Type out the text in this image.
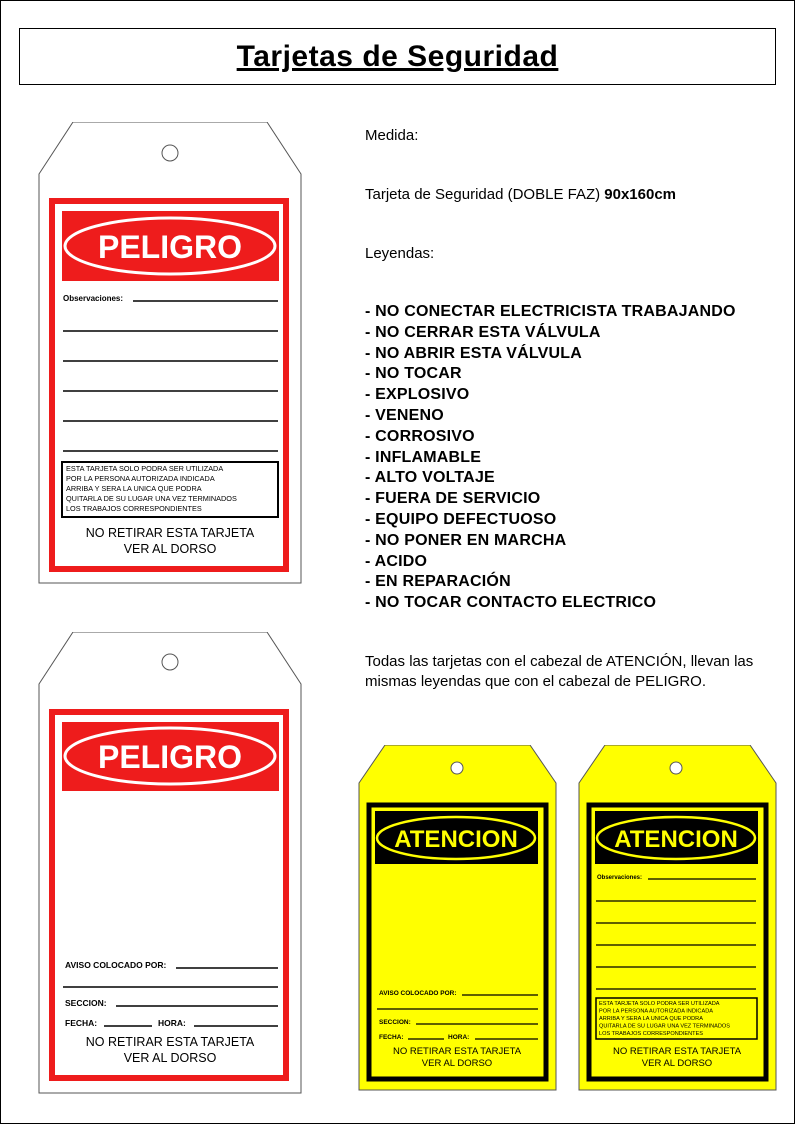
Tarjetas de Seguridad
Medida:
Tarjeta de Seguridad (DOBLE FAZ) 90x160cm
Leyendas:
- NO CONECTAR ELECTRICISTA TRABAJANDO
- NO CERRAR ESTA VÁLVULA
- NO ABRIR ESTA VÁLVULA
- NO TOCAR
- EXPLOSIVO
- VENENO
- CORROSIVO
- INFLAMABLE
- ALTO VOLTAJE
- FUERA DE SERVICIO
- EQUIPO DEFECTUOSO
- NO PONER EN MARCHA
- ACIDO
- EN REPARACIÓN
- NO TOCAR CONTACTO ELECTRICO
Todas las tarjetas con el cabezal de ATENCIÓN, llevan las mismas leyendas que con el cabezal de PELIGRO.
PELIGRO
Observaciones:
ESTA TARJETA SOLO PODRA SER UTILIZADA
POR LA PERSONA AUTORIZADA INDICADA
ARRIBA Y SERA LA UNICA QUE PODRA
QUITARLA DE SU LUGAR UNA VEZ TERMINADOS
LOS TRABAJOS CORRESPONDIENTES
NO RETIRAR ESTA TARJETA
VER AL DORSO
PELIGRO
AVISO COLOCADO POR:
SECCION:
FECHA:	HORA:
NO RETIRAR ESTA TARJETA
VER AL DORSO
ATENCION
AVISO COLOCADO POR:
SECCION:
FECHA:	HORA:
NO RETIRAR ESTA TARJETA
VER AL DORSO
ATENCION
Observaciones:
ESTA TARJETA SOLO PODRA SER UTILIZADA
POR LA PERSONA AUTORIZADA INDICADA
ARRIBA Y SERA LA UNICA QUE PODRA
QUITARLA DE SU LUGAR UNA VEZ TERMINADOS
LOS TRABAJOS CORRESPONDIENTES
NO RETIRAR ESTA TARJETA
VER AL DORSO
